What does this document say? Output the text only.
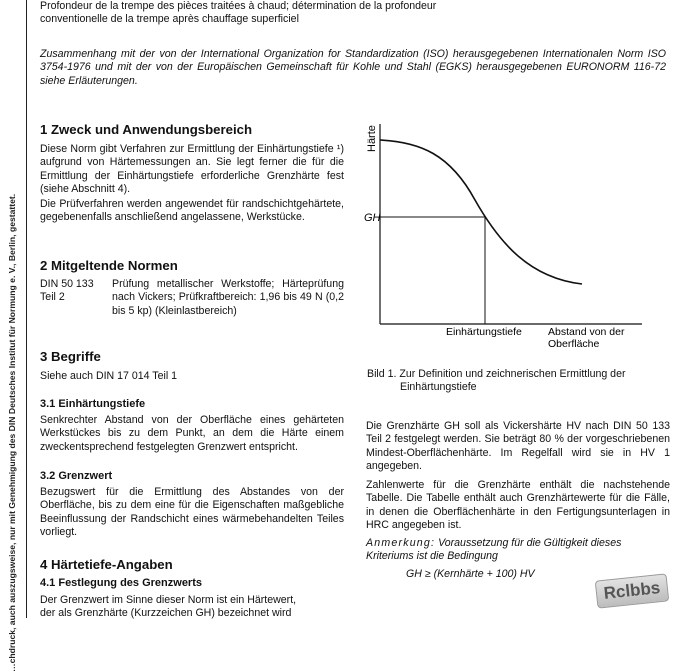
…chdruck, auch auszugsweise, nur mit Genehmigung des DIN Deutsches Institut für Normung e. V., Berlin, gestattet.
Profondeur de la trempe des pièces traitées à chaud; détermination de la profondeur
conventionelle de la trempe après chauffage superficiel
Zusammenhang mit der von der International Organization for Standardization (ISO) herausgegebenen Internationalen Norm ISO 3754-1976 und mit der von der Europäischen Gemeinschaft für Kohle und Stahl (EGKS) herausgegebenen EURONORM 116-72 siehe Erläuterungen.
1 Zweck und Anwendungsbereich
Diese Norm gibt Verfahren zur Ermittlung der Einhärtungstiefe ¹) aufgrund von Härtemessungen an. Sie legt ferner die für die Ermittlung der Einhärtungstiefe erforderliche Grenzhärte fest (siehe Abschnitt 4).
Die Prüfverfahren werden angewendet für randschichtgehärtete, gegebenenfalls anschließend angelassene, Werkstücke.
2 Mitgeltende Normen
DIN 50 133 Teil 2
Prüfung metallischer Werkstoffe; Härteprüfung nach Vickers; Prüfkraftbereich: 1,96 bis 49 N (0,2 bis 5 kp) (Kleinlastbereich)
3 Begriffe
Siehe auch DIN 17 014 Teil 1
3.1 Einhärtungstiefe
Senkrechter Abstand von der Oberfläche eines gehärteten Werkstückes bis zu dem Punkt, an dem die Härte einem zweckentsprechend festgelegten Grenzwert entspricht.
3.2 Grenzwert
Bezugswert für die Ermittlung des Abstandes von der Oberfläche, bis zu dem eine für die Eigenschaften maßgebliche Beeinflussung der Randschicht eines wärmebehandelten Teiles vorliegt.
4 Härtetiefe-Angaben
4.1 Festlegung des Grenzwerts
Der Grenzwert im Sinne dieser Norm ist ein Härtewert,
der als Grenzhärte (Kurzzeichen GH) bezeichnet wird
Härte
GH
Einhärtungstiefe Abstand von der
Oberfläche
Bild 1. Zur Definition und zeichnerischen Ermittlung der
Einhärtungstiefe
Die Grenzhärte GH soll als Vickershärte HV nach DIN 50 133 Teil 2 festgelegt werden. Sie beträgt 80 % der vorgeschriebenen Mindest-Oberflächenhärte. Im Regelfall wird sie in HV 1 angegeben.
Zahlenwerte für die Grenzhärte enthält die nachstehende Tabelle. Die Tabelle enthält auch Grenzhärtewerte für die Fälle, in denen die Oberflächenhärte in den Fertigungsunterlagen in HRC angegeben ist.
Anmerkung: Voraussetzung für die Gültigkeit dieses Kriteriums ist die Bedingung
GH ≥ (Kernhärte + 100) HV
Rclbbs
